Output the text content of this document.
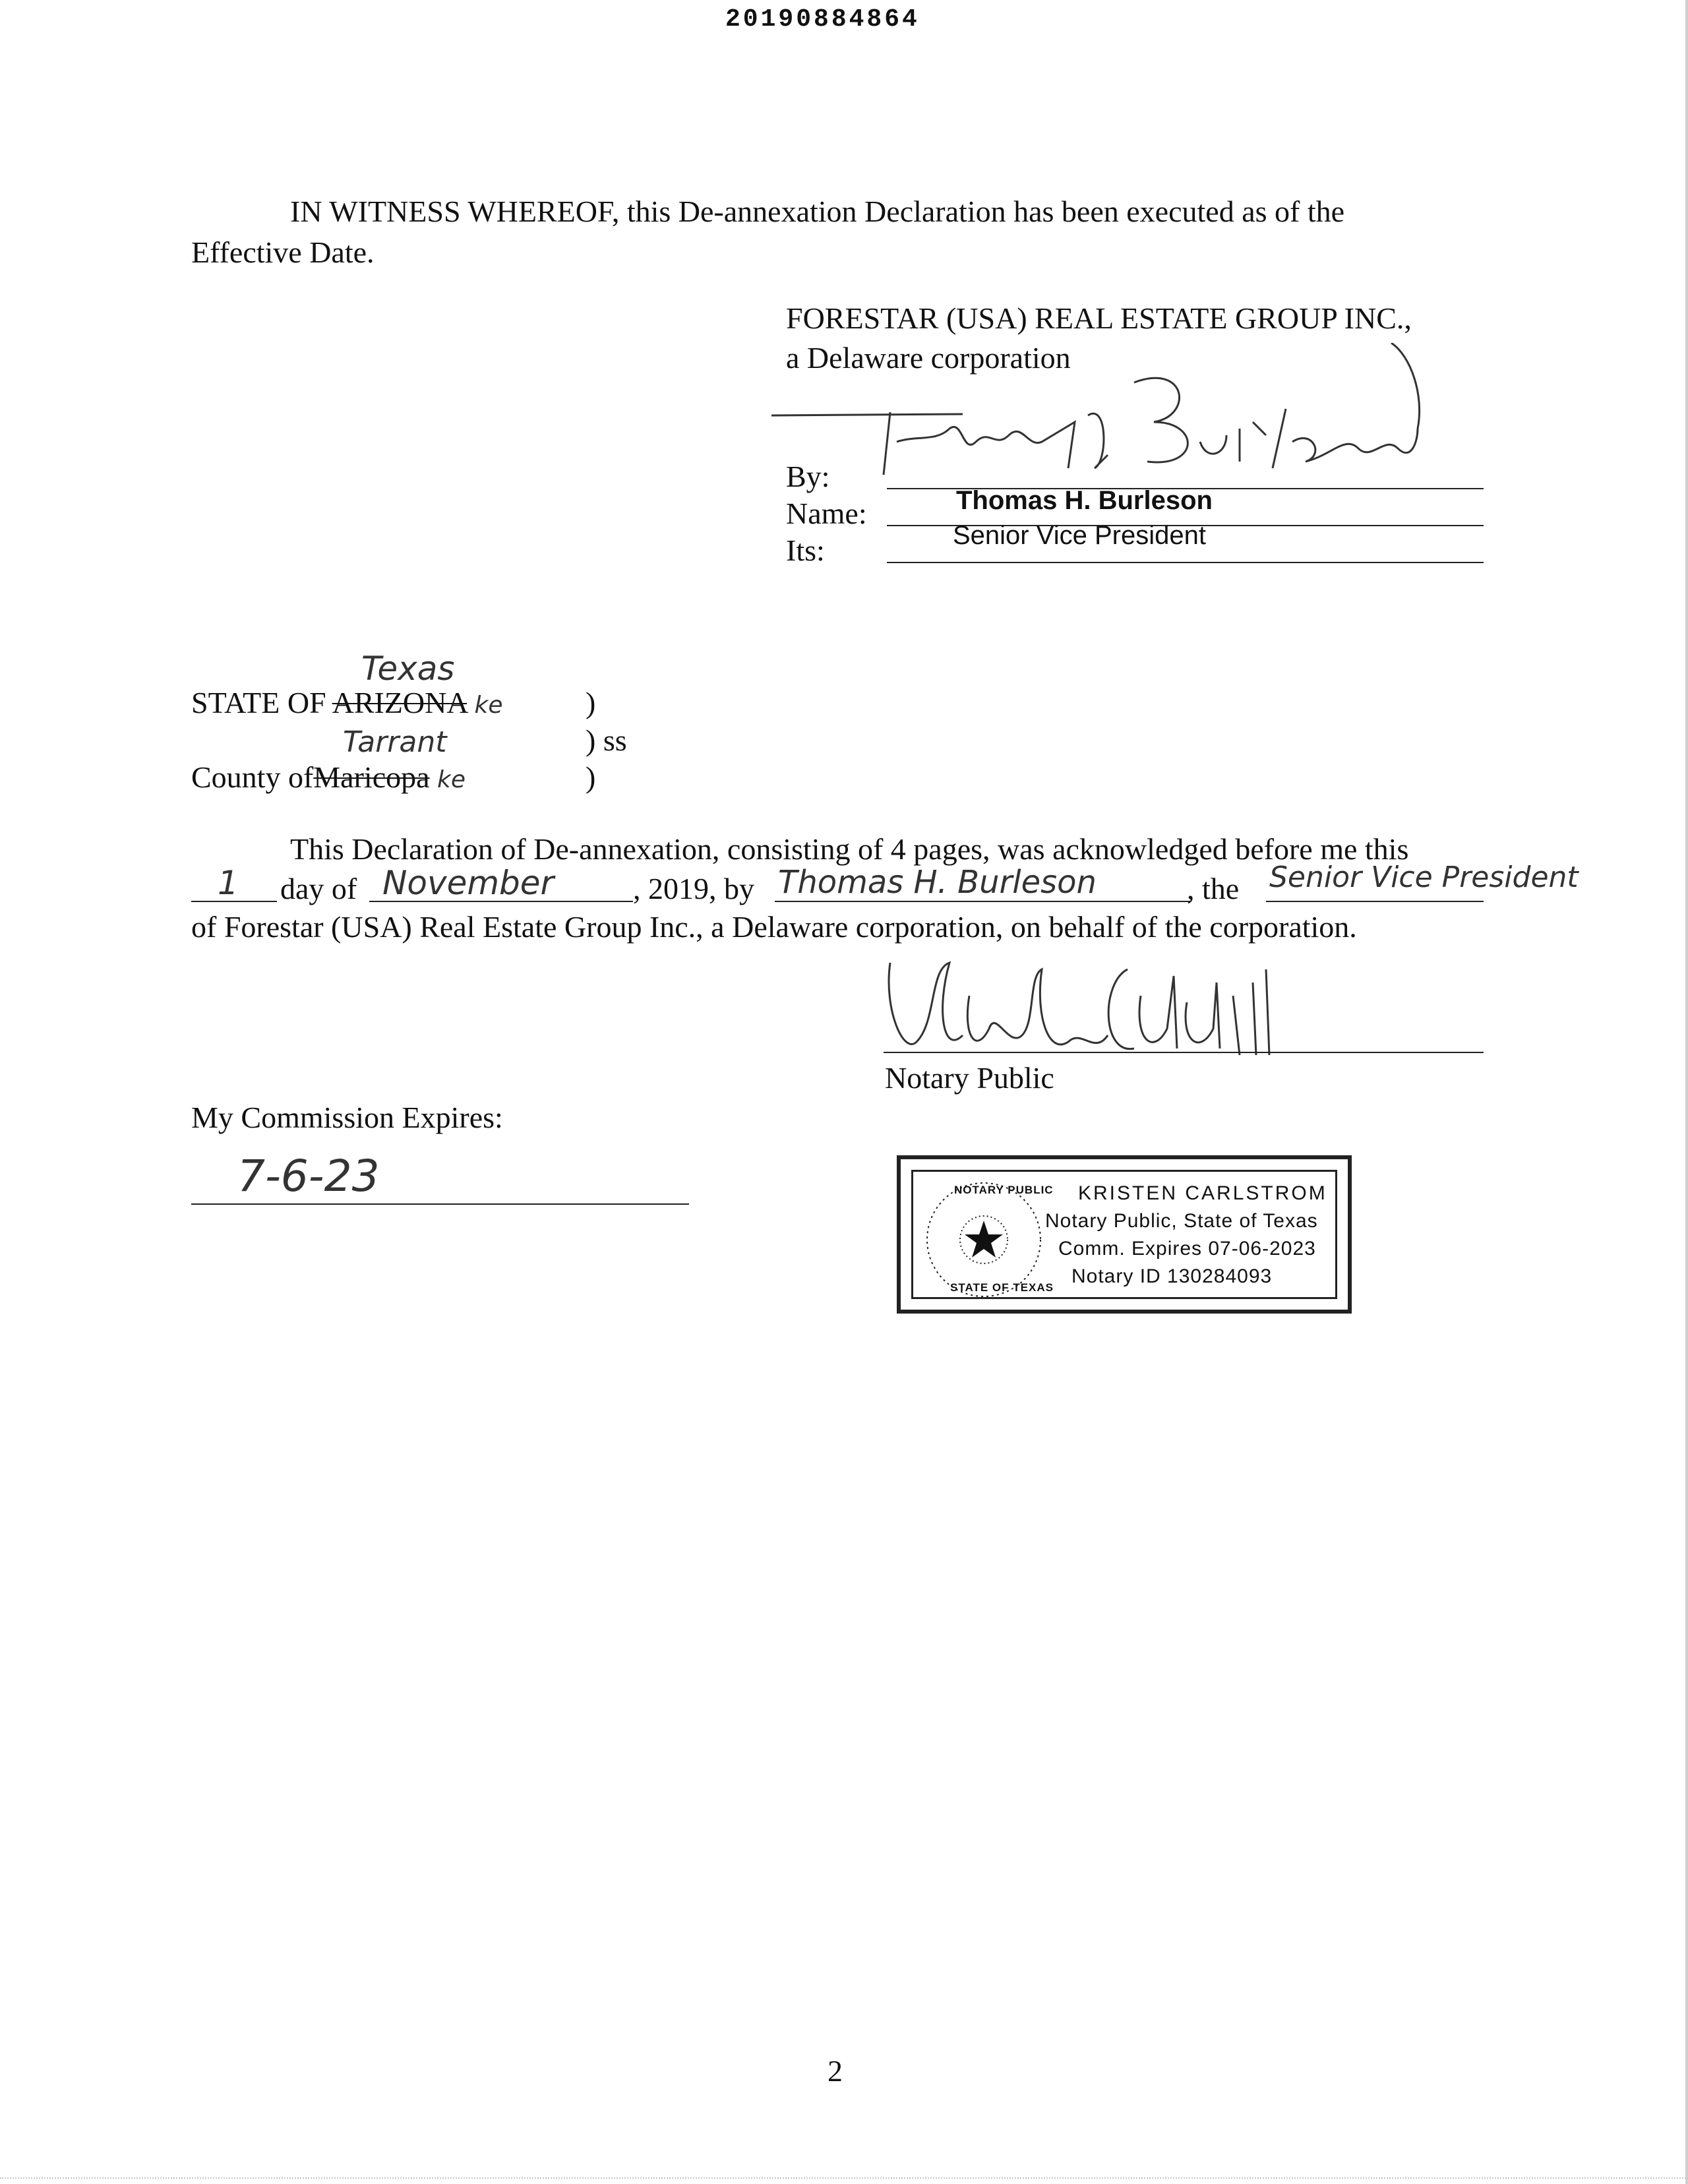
20190884864
IN WITNESS WHEREOF, this De-annexation Declaration has been executed as of the
Effective Date.
FORESTAR (USA) REAL ESTATE GROUP INC.,
a Delaware corporation
By:
Name:	Thomas H. Burleson
Its:	Senior Vice President
Texas
STATE OF ARIZONA ke	)
) ss
Tarrant
County ofMaricopa ke	)
This Declaration of De-annexation, consisting of 4 pages, was acknowledged before me this
1 day of November	, 2019, by Thomas H. Burleson	, the Senior Vice President
of Forestar (USA) Real Estate Group Inc., a Delaware corporation, on behalf of the corporation.
Notary Public
My Commission Expires:
7-6-23	NOTARY PUBLIC
STATE OF TEXAS
KRISTEN CARLSTROM
Notary Public, State of Texas
Comm. Expires 07-06-2023
Notary ID 130284093
2
